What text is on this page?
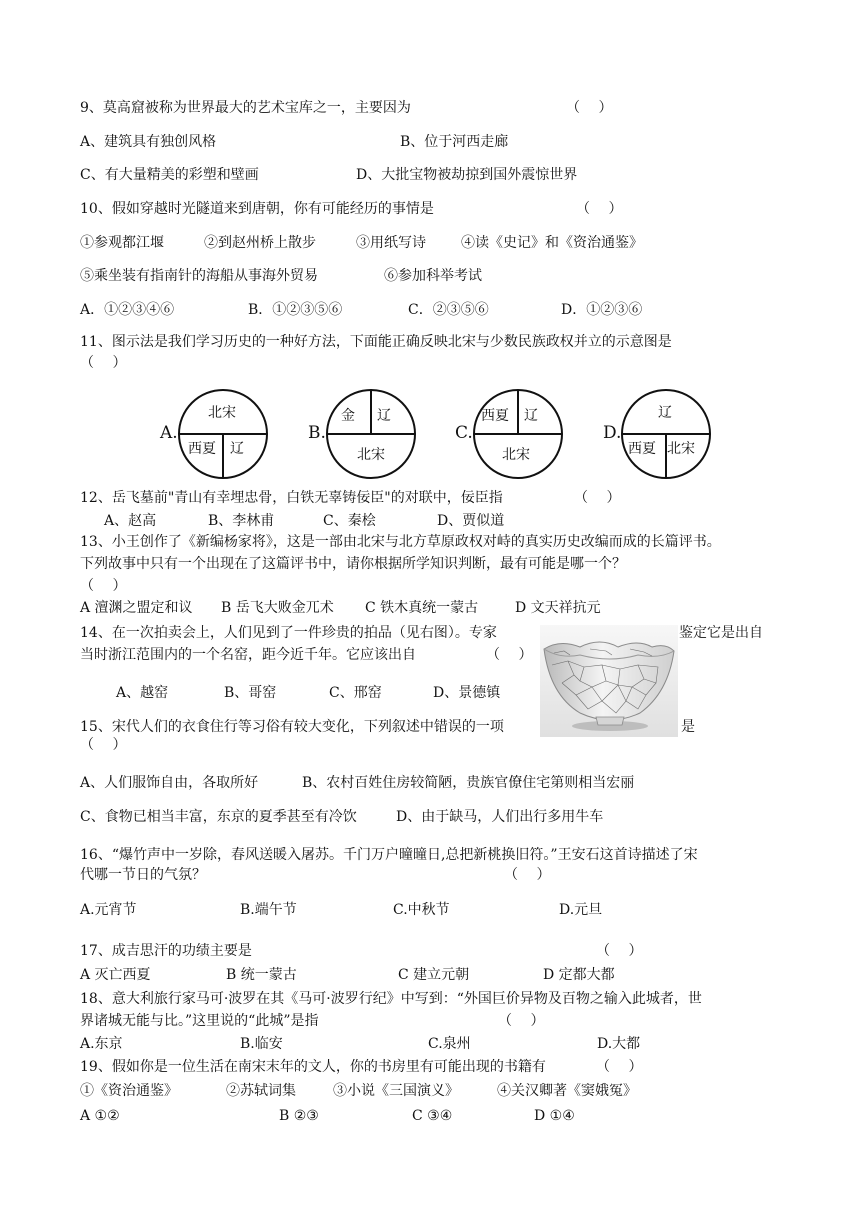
9、莫高窟被称为世界最大的艺术宝库之一，主要因为	（　 ）
A、建筑具有独创风格	B、位于河西走廊
C、有大量精美的彩塑和壁画	D、大批宝物被劫掠到国外震惊世界
10、假如穿越时光隧道来到唐朝，你有可能经历的事情是	（　 ）
①参观都江堰	②到赵州桥上散步	③用纸写诗	④读《史记》和《资治通鉴》
⑤乘坐装有指南针的海船从事海外贸易	⑥参加科举考试
A．①②③④⑥	B．①②③⑤⑥	C．②③⑤⑥	D．①②③⑥
11、图示法是我们学习历史的一种好方法，下面能正确反映北宋与少数民族政权并立的示意图是
（　 ）
A.
北宋
西夏 辽
B.
金 辽
北宋
C.
西夏 辽
北宋
D.
辽
西夏 北宋
12、岳飞墓前"青山有幸埋忠骨，白铁无辜铸佞臣"的对联中，佞臣指	（　 ）
A、赵高	B、李林甫	C、秦桧	D、贾似道
13、小王创作了《新编杨家将》，这是一部由北宋与北方草原政权对峙的真实历史改编而成的长篇评书。
下列故事中只有一个出现在了这篇评书中，请你根据所学知识判断，最有可能是哪一个？
（　 ）
A 澶渊之盟定和议 B 岳飞大败金兀术 C 铁木真统一蒙古	D 文天祥抗元
14、在一次拍卖会上，人们见到了一件珍贵的拍品（见右图）。专家	鉴定它是出自
当时浙江范围内的一个名窑，距今近千年。它应该出自	（　 ）
A、越窑	B、哥窑	C、邢窑	D、景德镇
15、宋代人们的衣食住行等习俗有较大变化，下列叙述中错误的一项	是
（　 ）
A、人们服饰自由，各取所好	B、农村百姓住房较简陋，贵族官僚住宅第则相当宏丽
C、食物已相当丰富，东京的夏季甚至有冷饮	D、由于缺马，人们出行多用牛车
16、“爆竹声中一岁除，春风送暖入屠苏。千门万户曈曈日,总把新桃换旧符。”王安石这首诗描述了宋
代哪一节日的气氛？	（　 ）
A.元宵节	B.端午节	C.中秋节	D.元旦
17、成吉思汗的功绩主要是	（　 ）
A 灭亡西夏	B 统一蒙古	C 建立元朝	D 定都大都
18、意大利旅行家马可·波罗在其《马可·波罗行纪》中写到：“外国巨价异物及百物之输入此城者，世
界诸城无能与比。”这里说的“此城”是指	（　 ）
A.东京	B.临安	C.泉州	D.大都
19、假如你是一位生活在南宋末年的文人，你的书房里有可能出现的书籍有	（　 ）
①《资治通鉴》	②苏轼词集	③小说《三国演义》	④关汉卿著《窦娥冤》
A ①②	B ②③	C ③④	D ①④
